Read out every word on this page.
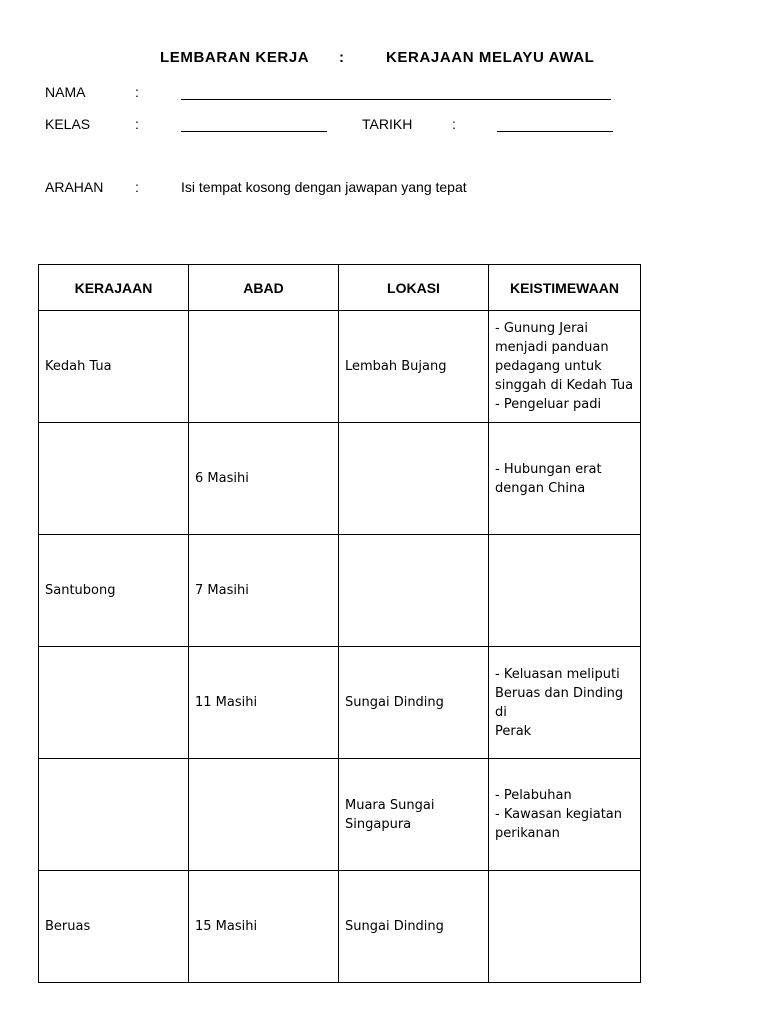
LEMBARAN KERJA :	KERAJAAN MELAYU AWAL
NAMA	:
KELAS	:	TARIKH	:
ARAHAN :	Isi tempat kosong dengan jawapan yang tepat
KERAJAAN	ABAD	LOKASI	KEISTIMEWAAN
Kedah Tua		Lembah Bujang	- Gunung Jerai
menjadi panduan
pedagang untuk
singgah di Kedah Tua
- Pengeluar padi

	6 Masihi		- Hubungan erat
dengan China

Santubong	7 Masihi		
	11 Masihi	Sungai Dinding	- Keluasan meliputi
Beruas dan Dinding di
Perak

		Muara Sungai
Singapura	- Pelabuhan
- Kawasan kegiatan
perikanan

Beruas	15 Masihi	Sungai Dinding	
